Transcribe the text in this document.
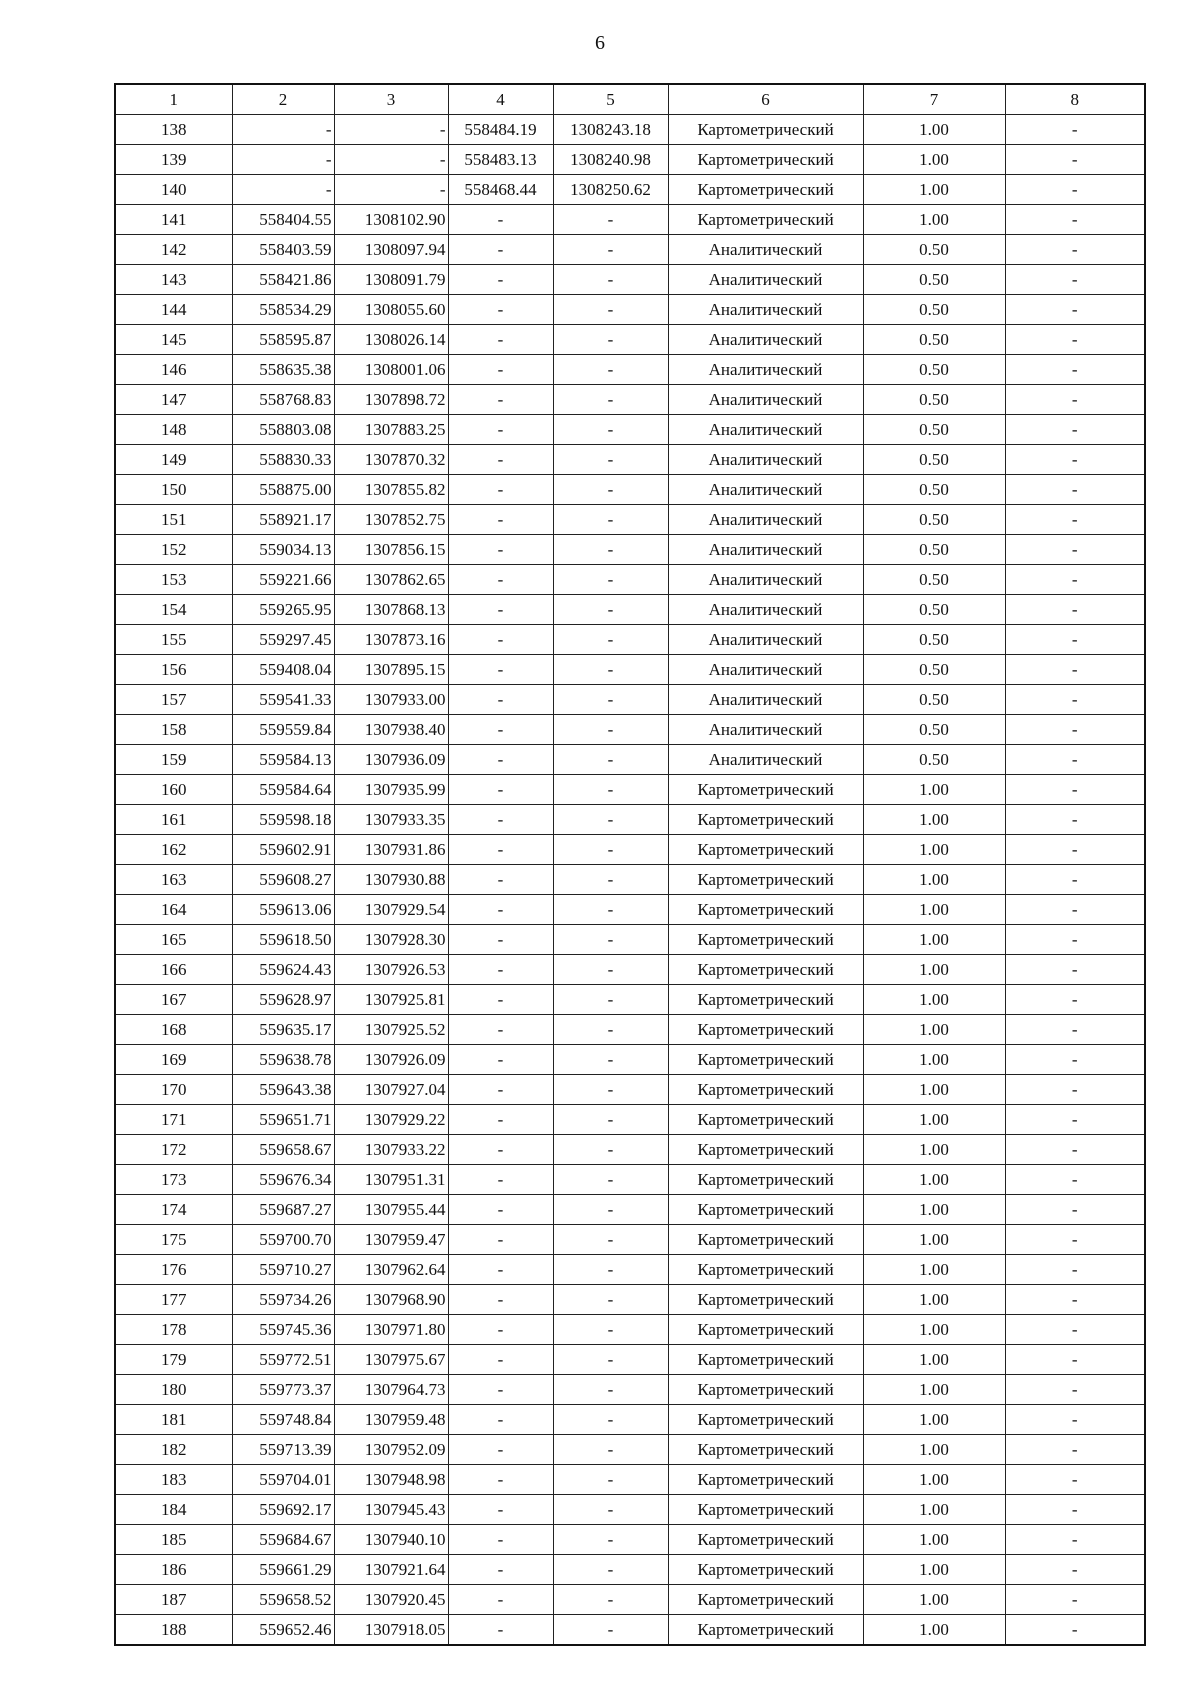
6
1	2	3	4	5	6	7	8
138	-	-	558484.19	1308243.18	Картометрический	1.00	-
139	-	-	558483.13	1308240.98	Картометрический	1.00	-
140	-	-	558468.44	1308250.62	Картометрический	1.00	-
141	558404.55	1308102.90	-	-	Картометрический	1.00	-
142	558403.59	1308097.94	-	-	Аналитический	0.50	-
143	558421.86	1308091.79	-	-	Аналитический	0.50	-
144	558534.29	1308055.60	-	-	Аналитический	0.50	-
145	558595.87	1308026.14	-	-	Аналитический	0.50	-
146	558635.38	1308001.06	-	-	Аналитический	0.50	-
147	558768.83	1307898.72	-	-	Аналитический	0.50	-
148	558803.08	1307883.25	-	-	Аналитический	0.50	-
149	558830.33	1307870.32	-	-	Аналитический	0.50	-
150	558875.00	1307855.82	-	-	Аналитический	0.50	-
151	558921.17	1307852.75	-	-	Аналитический	0.50	-
152	559034.13	1307856.15	-	-	Аналитический	0.50	-
153	559221.66	1307862.65	-	-	Аналитический	0.50	-
154	559265.95	1307868.13	-	-	Аналитический	0.50	-
155	559297.45	1307873.16	-	-	Аналитический	0.50	-
156	559408.04	1307895.15	-	-	Аналитический	0.50	-
157	559541.33	1307933.00	-	-	Аналитический	0.50	-
158	559559.84	1307938.40	-	-	Аналитический	0.50	-
159	559584.13	1307936.09	-	-	Аналитический	0.50	-
160	559584.64	1307935.99	-	-	Картометрический	1.00	-
161	559598.18	1307933.35	-	-	Картометрический	1.00	-
162	559602.91	1307931.86	-	-	Картометрический	1.00	-
163	559608.27	1307930.88	-	-	Картометрический	1.00	-
164	559613.06	1307929.54	-	-	Картометрический	1.00	-
165	559618.50	1307928.30	-	-	Картометрический	1.00	-
166	559624.43	1307926.53	-	-	Картометрический	1.00	-
167	559628.97	1307925.81	-	-	Картометрический	1.00	-
168	559635.17	1307925.52	-	-	Картометрический	1.00	-
169	559638.78	1307926.09	-	-	Картометрический	1.00	-
170	559643.38	1307927.04	-	-	Картометрический	1.00	-
171	559651.71	1307929.22	-	-	Картометрический	1.00	-
172	559658.67	1307933.22	-	-	Картометрический	1.00	-
173	559676.34	1307951.31	-	-	Картометрический	1.00	-
174	559687.27	1307955.44	-	-	Картометрический	1.00	-
175	559700.70	1307959.47	-	-	Картометрический	1.00	-
176	559710.27	1307962.64	-	-	Картометрический	1.00	-
177	559734.26	1307968.90	-	-	Картометрический	1.00	-
178	559745.36	1307971.80	-	-	Картометрический	1.00	-
179	559772.51	1307975.67	-	-	Картометрический	1.00	-
180	559773.37	1307964.73	-	-	Картометрический	1.00	-
181	559748.84	1307959.48	-	-	Картометрический	1.00	-
182	559713.39	1307952.09	-	-	Картометрический	1.00	-
183	559704.01	1307948.98	-	-	Картометрический	1.00	-
184	559692.17	1307945.43	-	-	Картометрический	1.00	-
185	559684.67	1307940.10	-	-	Картометрический	1.00	-
186	559661.29	1307921.64	-	-	Картометрический	1.00	-
187	559658.52	1307920.45	-	-	Картометрический	1.00	-
188	559652.46	1307918.05	-	-	Картометрический	1.00	-
